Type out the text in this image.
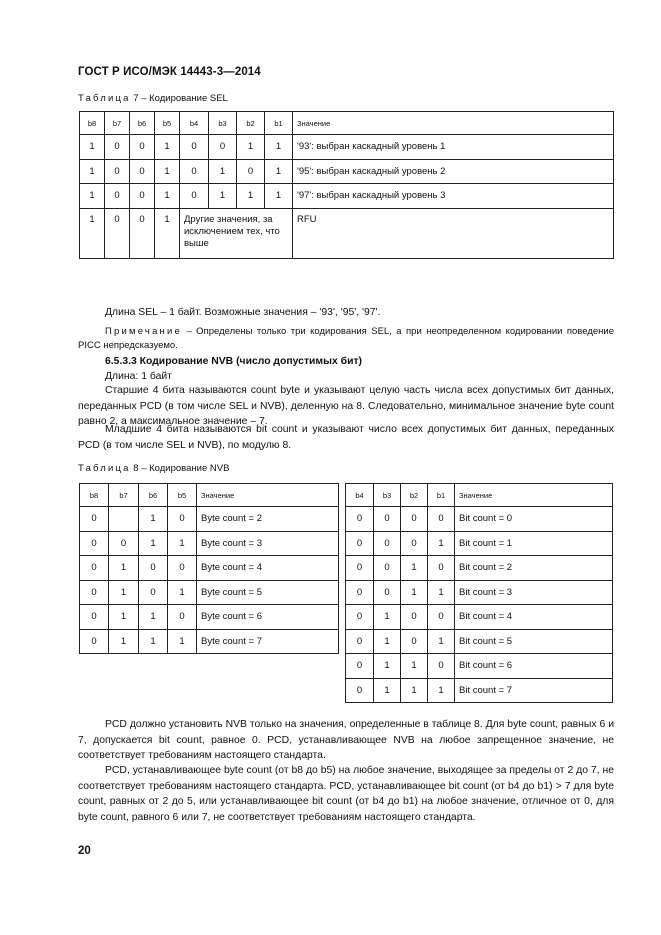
ГОСТ Р ИСО/МЭК 14443-3—2014
Таблица 7 – Кодирование SEL
b8	b7	b6	b5	b4	b3	b2	b1	Значение
1	0	0	1	0	0	1	1	'93': выбран каскадный уровень 1
1	0	0	1	0	1	0	1	'95': выбран каскадный уровень 2
1	0	0	1	0	1	1	1	'97': выбран каскадный уровень 3
1	0	0	1	Другие значения, за исключением тех, что выше				RFU
Длина SEL – 1 байт. Возможные значения – '93', '95', '97'.
Примечание – Определены только три кодирования SEL, а при неопределенном кодировании поведение PICC непредсказуемо.
6.5.3.3 Кодирование NVB (число допустимых бит)
Длина: 1 байт
Старшие 4 бита называются count byte и указывают целую часть числа всех допустимых бит данных, переданных PCD (в том числе SEL и NVB), деленную на 8. Следовательно, минимальное значение byte count равно 2, а максимальное значение – 7.
Младшие 4 бита называются bit count и указывают число всех допустимых бит данных, переданных PCD (в том числе SEL и NVB), по модулю 8.
Таблица 8 – Кодирование NVB
b8	b7	b6	b5	Значение
0		1	0	Byte count = 2
0	0	1	1	Byte count = 3
0	1	0	0	Byte count = 4
0	1	0	1	Byte count = 5
0	1	1	0	Byte count = 6
0	1	1	1	Byte count = 7
b4	b3	b2	b1	Значение
0	0	0	0	Bit count = 0
0	0	0	1	Bit count = 1
0	0	1	0	Bit count = 2
0	0	1	1	Bit count = 3
0	1	0	0	Bit count = 4
0	1	0	1	Bit count = 5
0	1	1	0	Bit count = 6
0	1	1	1	Bit count = 7
PCD должно установить NVB только на значения, определенные в таблице 8. Для byte count, равных 6 и 7, допускается bit count, равное 0. PCD, устанавливающее NVB на любое запрещенное значение, не соответствует требованиям настоящего стандарта.
PCD, устанавливающее byte count (от b8 до b5) на любое значение, выходящее за пределы от 2 до 7, не соответствует требованиям настоящего стандарта. PCD, устанавливающее bit count (от b4 до b1) > 7 для byte count, равных от 2 до 5, или устанавливающее bit count (от b4 до b1) на любое значение, отличное от 0, для byte count, равного 6 или 7, не соответствует требованиям настоящего стандарта.
20
